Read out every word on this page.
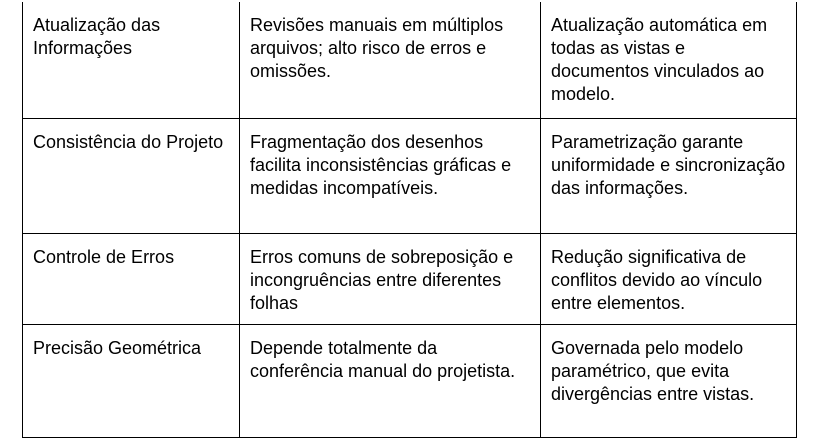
Atualização das Informações	Revisões manuais em múltiplos arquivos; alto risco de erros e omissões.	Atualização automática em todas as vistas e documentos vinculados ao modelo.

Consistência do Projeto	Fragmentação dos desenhos facilita inconsistências gráficas e medidas incompatíveis.	Parametrização garante uniformidade e sincronização das informações.

Controle de Erros	Erros comuns de sobreposição e incongruências entre diferentes folhas	Redução significativa de conflitos devido ao vínculo entre elementos.

Precisão Geométrica	Depende totalmente da conferência manual do projetista.	Governada pelo modelo paramétrico, que evita divergências entre vistas.
